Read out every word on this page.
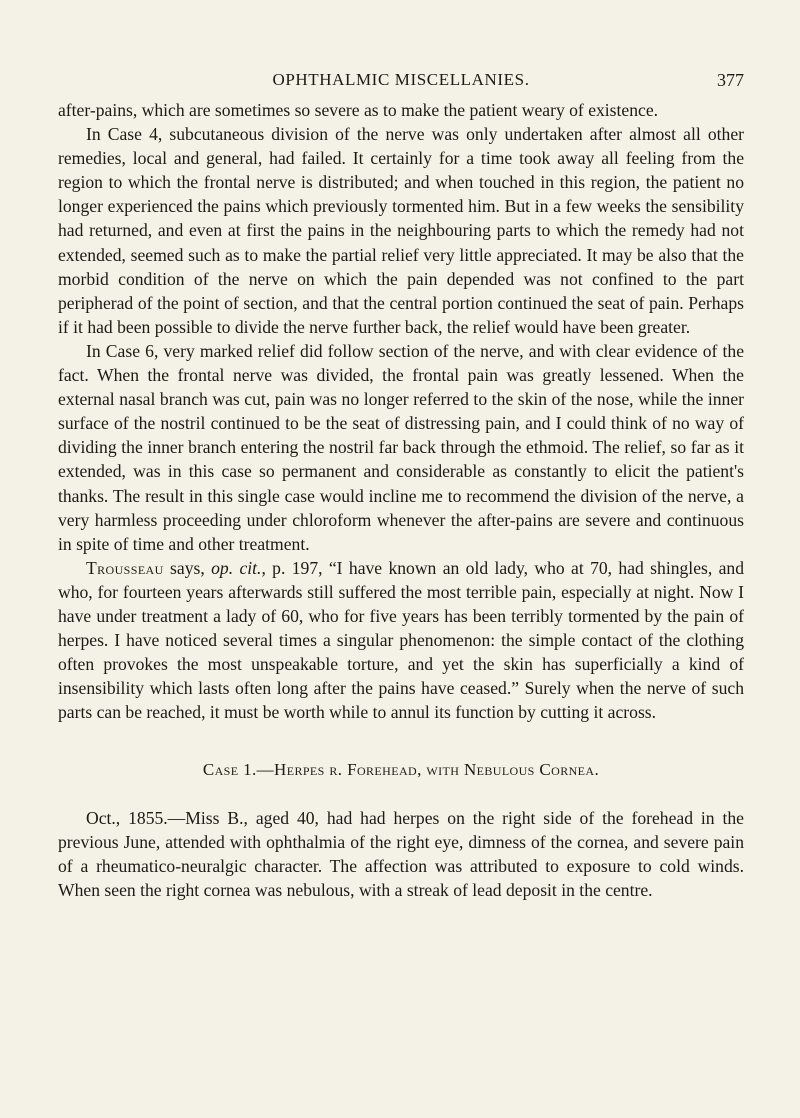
OPHTHALMIC MISCELLANIES.	377

after-pains, which are sometimes so severe as to make the patient weary of existence.

In Case 4, subcutaneous division of the nerve was only undertaken after almost all other remedies, local and general, had failed. It certainly for a time took away all feeling from the region to which the frontal nerve is distributed; and when touched in this region, the patient no longer experienced the pains which previously tormented him. But in a few weeks the sensibility had returned, and even at first the pains in the neighbouring parts to which the remedy had not extended, seemed such as to make the partial relief very little appreciated. It may be also that the morbid condition of the nerve on which the pain depended was not confined to the part peripherad of the point of section, and that the central portion continued the seat of pain. Perhaps if it had been possible to divide the nerve further back, the relief would have been greater.

In Case 6, very marked relief did follow section of the nerve, and with clear evidence of the fact. When the frontal nerve was divided, the frontal pain was greatly lessened. When the external nasal branch was cut, pain was no longer referred to the skin of the nose, while the inner surface of the nostril continued to be the seat of distressing pain, and I could think of no way of dividing the inner branch entering the nostril far back through the ethmoid. The relief, so far as it extended, was in this case so permanent and considerable as constantly to elicit the patient's thanks. The result in this single case would incline me to recommend the division of the nerve, a very harmless proceeding under chloroform whenever the after-pains are severe and continuous in spite of time and other treatment.

Trousseau says, op. cit., p. 197, “I have known an old lady, who at 70, had shingles, and who, for fourteen years afterwards still suffered the most terrible pain, especially at night. Now I have under treatment a lady of 60, who for five years has been terribly tormented by the pain of herpes. I have noticed several times a singular phenomenon: the simple contact of the clothing often provokes the most unspeakable torture, and yet the skin has superficially a kind of insensibility which lasts often long after the pains have ceased.” Surely when the nerve of such parts can be reached, it must be worth while to annul its function by cutting it across.

Case 1.—Herpes r. Forehead, with Nebulous Cornea.

Oct., 1855.—Miss B., aged 40, had had herpes on the right side of the forehead in the previous June, attended with ophthalmia of the right eye, dimness of the cornea, and severe pain of a rheumatico-neuralgic character. The affection was attributed to exposure to cold winds. When seen the right cornea was nebulous, with a streak of lead deposit in the centre.
